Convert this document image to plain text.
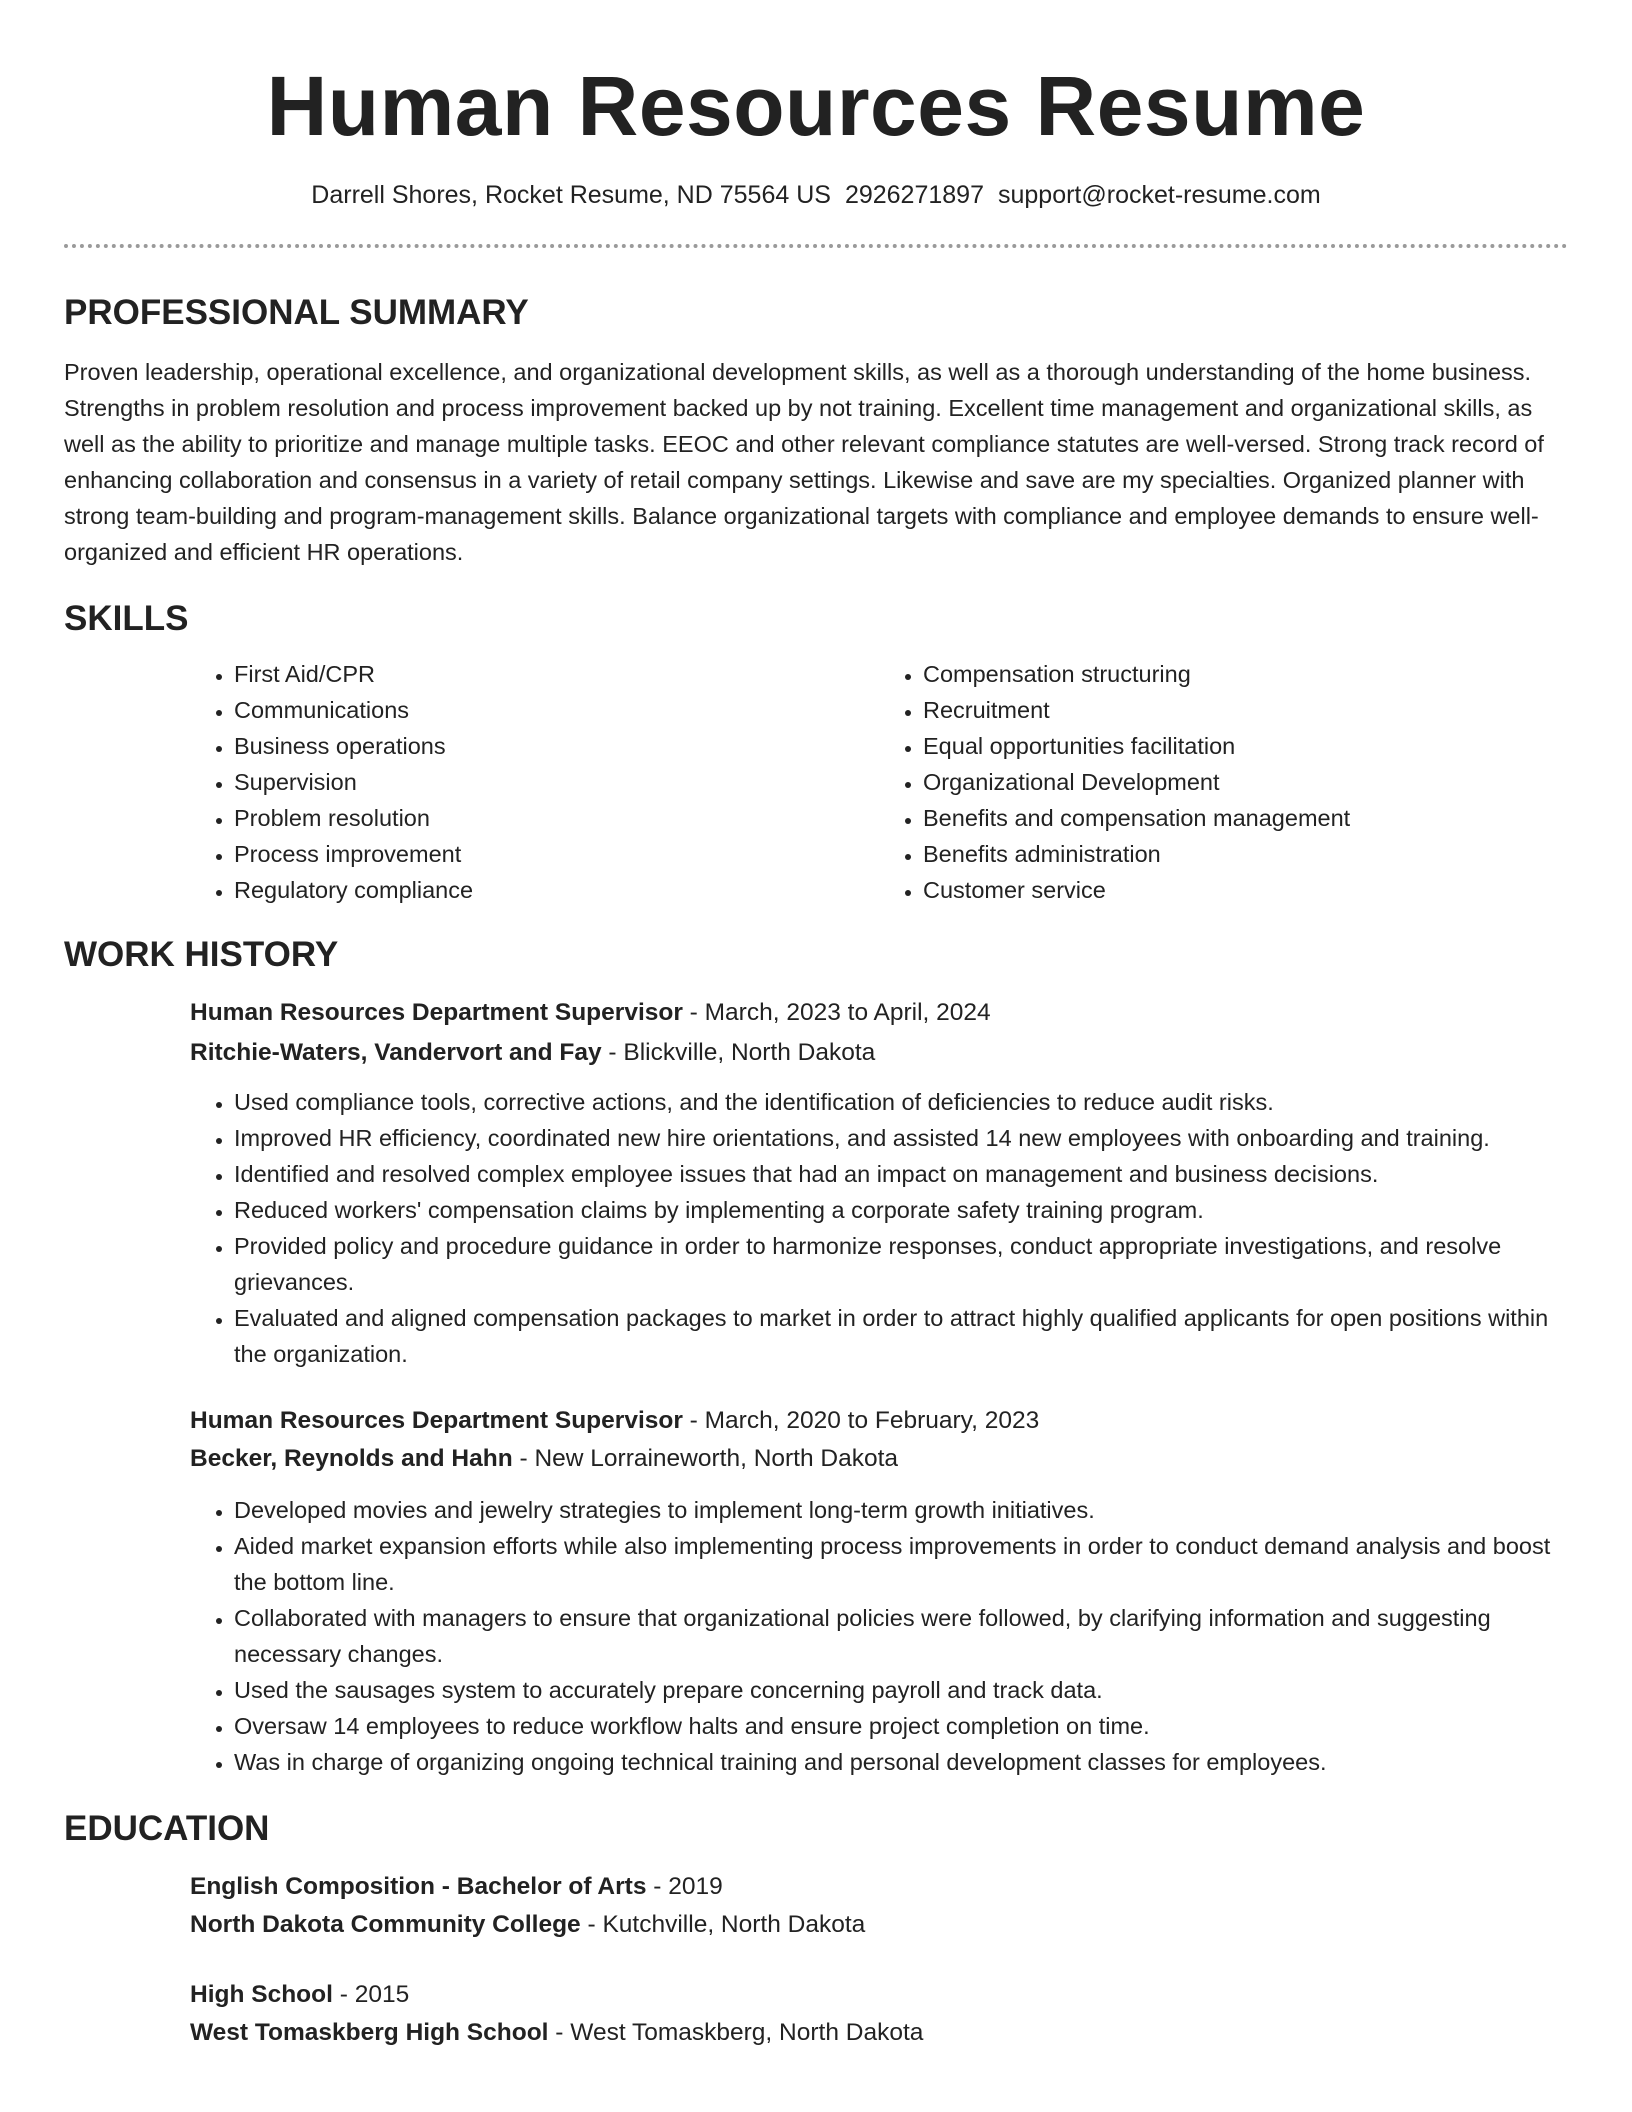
Human Resources Resume
Darrell Shores, Rocket Resume, ND 75564 US 2926271897 support@rocket-resume.com
PROFESSIONAL SUMMARY

Proven leadership, operational excellence, and organizational development skills, as well as a thorough understanding of the home business. Strengths in problem resolution and process improvement backed up by not training. Excellent time management and organizational skills, as well as the ability to prioritize and manage multiple tasks. EEOC and other relevant compliance statutes are well-versed. Strong track record of enhancing collaboration and consensus in a variety of retail company settings. Likewise and save are my specialties. Organized planner with strong team-building and program-management skills. Balance organizational targets with compliance and employee demands to ensure well-organized and efficient HR operations.

SKILLS
• First Aid/CPR
• Communications
• Business operations
• Supervision
• Problem resolution
• Process improvement
• Regulatory compliance
• Compensation structuring
• Recruitment
• Equal opportunities facilitation
• Organizational Development
• Benefits and compensation management
• Benefits administration
• Customer service
WORK HISTORY

Human Resources Department Supervisor - March, 2023 to April, 2024

Ritchie-Waters, Vandervort and Fay - Blickville, North Dakota

• Used compliance tools, corrective actions, and the identification of deficiencies to reduce audit risks.
• Improved HR efficiency, coordinated new hire orientations, and assisted 14 new employees with onboarding and training.
• Identified and resolved complex employee issues that had an impact on management and business decisions.
• Reduced workers' compensation claims by implementing a corporate safety training program.
• Provided policy and procedure guidance in order to harmonize responses, conduct appropriate investigations, and resolve grievances.
• Evaluated and aligned compensation packages to market in order to attract highly qualified applicants for open positions within the organization.

Human Resources Department Supervisor - March, 2020 to February, 2023

Becker, Reynolds and Hahn - New Lorraineworth, North Dakota

• Developed movies and jewelry strategies to implement long-term growth initiatives.
• Aided market expansion efforts while also implementing process improvements in order to conduct demand analysis and boost the bottom line.
• Collaborated with managers to ensure that organizational policies were followed, by clarifying information and suggesting necessary changes.
• Used the sausages system to accurately prepare concerning payroll and track data.
• Oversaw 14 employees to reduce workflow halts and ensure project completion on time.
• Was in charge of organizing ongoing technical training and personal development classes for employees.
EDUCATION

English Composition - Bachelor of Arts - 2019

North Dakota Community College - Kutchville, North Dakota

High School - 2015

West Tomaskberg High School - West Tomaskberg, North Dakota
